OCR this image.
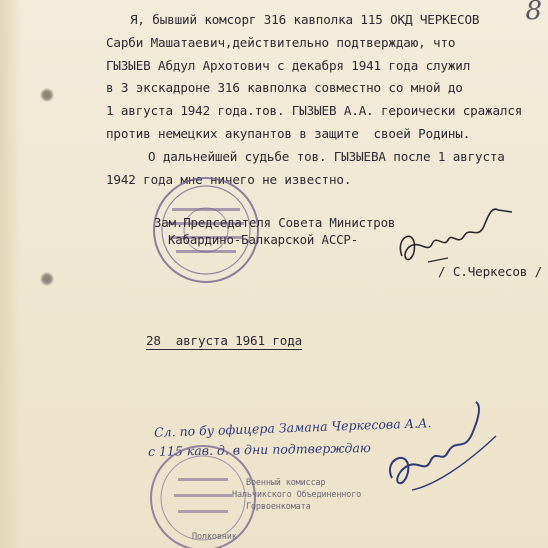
8
Я, бывший комсорг 316 кавполка 115 ОКД ЧЕРКЕСОВ
Сарби Машатаевич,действительно подтверждаю, что
ГЫЗЫЕВ Абдул Архотович с декабря 1941 года служил
в 3 экскадроне 316 кавполка совместно со мной до
1 августа 1942 года.тов. ГЫЗЫЕВ А.А. героически сражался
против немецких акупантов в защите  своей Родины.
О дальнейшей судьбе тов. ГЫЗЫЕВА после 1 августа
1942 года мне ничего не известно.
Зам.Председателя Совета Министров
Кабардино-Балкарской АССР-
/ С.Черкесов /
28  августа 1961 года
Сл. по бу офицера Замана Черкесова А.А.
с 115 кав. д. в дни подтверждаю
Военный комиссар
Нальчикского Объединенного
Горвоенкомата
Полковник
